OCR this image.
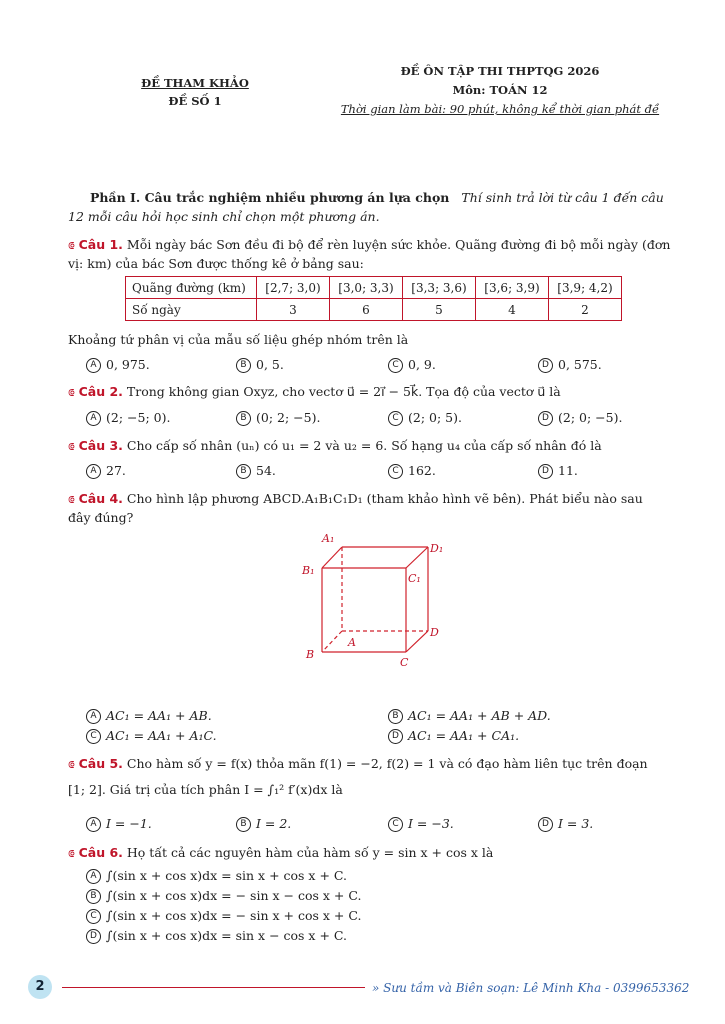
ĐỀ THAM KHẢO
ĐỀ SỐ 1
ĐỀ ÔN TẬP THI THPTQG 2026
Môn: TOÁN 12
Thời gian làm bài: 90 phút, không kể thời gian phát đề
Phần I. Câu trắc nghiệm nhiều phương án lựa chọn Thí sinh trả lời từ câu 1 đến câu
12 mỗi câu hỏi học sinh chỉ chọn một phương án.
⟃ Câu 1. Mỗi ngày bác Sơn đều đi bộ để rèn luyện sức khỏe. Quãng đường đi bộ mỗi ngày (đơn
vị: km) của bác Sơn được thống kê ở bảng sau:
Quãng đường (km)	[2,7; 3,0)	[3,0; 3,3)	[3,3; 3,6)	[3,6; 3,9)	[3,9; 4,2)
Số ngày	3	6	5	4	2
Khoảng tứ phân vị của mẫu số liệu ghép nhóm trên là
A 0, 975.	B 0, 5.	C 0, 9.	D 0, 575.
⟃ Câu 2. Trong không gian Oxyz, cho vectơ u⃗ = 2i⃗ − 5k⃗. Tọa độ của vectơ u⃗ là
A (2; −5; 0).	B (0; 2; −5).	C (2; 0; 5).	D (2; 0; −5).
⟃ Câu 3. Cho cấp số nhân (uₙ) có u₁ = 2 và u₂ = 6. Số hạng u₄ của cấp số nhân đó là
A 27.	B 54.	C 162.	D 11.
⟃ Câu 4. Cho hình lập phương ABCD.A₁B₁C₁D₁ (tham khảo hình vẽ bên). Phát biểu nào sau
đây đúng?
A₁
D₁
B₁
C₁
A
D
B
C
A AC₁ = AA₁ + AB.	B AC₁ = AA₁ + AB + AD.
C AC₁ = AA₁ + A₁C.	D AC₁ = AA₁ + CA₁.
⟃ Câu 5. Cho hàm số y = f(x) thỏa mãn f(1) = −2, f(2) = 1 và có đạo hàm liên tục trên đoạn
[1; 2]. Giá trị của tích phân I = ∫₁² f′(x)dx là
A I = −1.	B I = 2.	C I = −3.	D I = 3.
⟃ Câu 6. Họ tất cả các nguyên hàm của hàm số y = sin x + cos x là
A ∫(sin x + cos x)dx = sin x + cos x + C.
B ∫(sin x + cos x)dx = − sin x − cos x + C.
C ∫(sin x + cos x)dx = − sin x + cos x + C.
D ∫(sin x + cos x)dx = sin x − cos x + C.
2	» Sưu tầm và Biên soạn: Lê Minh Kha - 0399653362
